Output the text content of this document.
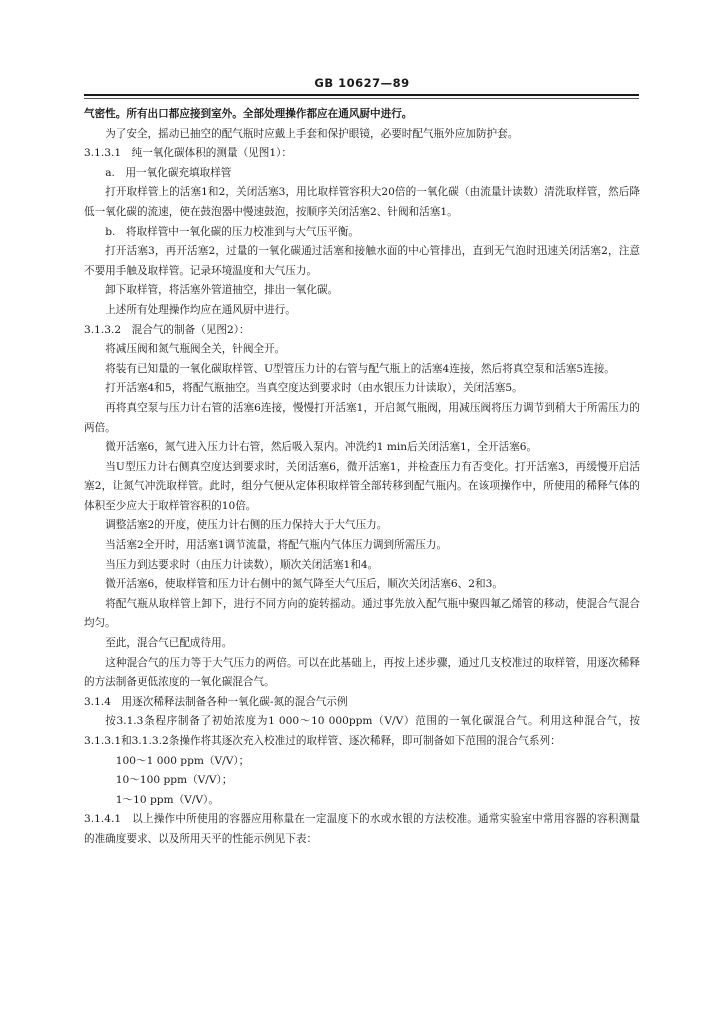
GB 10627—89

气密性。所有出口都应接到室外。全部处理操作都应在通风厨中进行。

为了安全，摇动已抽空的配气瓶时应戴上手套和保护眼镜，必要时配气瓶外应加防护套。

3.1.3.1　纯一氧化碳体积的测量（见图1）：

a.　用一氧化碳充填取样管

打开取样管上的活塞1和2，关闭活塞3，用比取样管容积大20倍的一氧化碳（由流量计读数）清洗取样管，然后降低一氧化碳的流速，使在鼓泡器中慢速鼓泡，按顺序关闭活塞2、针阀和活塞1。

b.　将取样管中一氧化碳的压力校准到与大气压平衡。

打开活塞3，再开活塞2，过量的一氧化碳通过活塞和接触水面的中心管排出，直到无气泡时迅速关闭活塞2，注意不要用手触及取样管。记录环境温度和大气压力。

卸下取样管，将活塞外管道抽空，排出一氧化碳。

上述所有处理操作均应在通风厨中进行。

3.1.3.2　混合气的制备（见图2）：

将减压阀和氮气瓶阀全关，针阀全开。

将装有已知量的一氧化碳取样管、U型管压力计的右管与配气瓶上的活塞4连接，然后将真空泵和活塞5连接。

打开活塞4和5，将配气瓶抽空。当真空度达到要求时（由水银压力计读取），关闭活塞5。

再将真空泵与压力计右管的活塞6连接，慢慢打开活塞1，开启氮气瓶阀，用减压阀将压力调节到稍大于所需压力的两倍。

微开活塞6，氮气进入压力计右管，然后吸入泵内。冲洗约1 min后关闭活塞1，全开活塞6。

当U型压力计右侧真空度达到要求时，关闭活塞6，微开活塞1，并检查压力有否变化。打开活塞3，再缓慢开启活塞2，让氮气冲洗取样管。此时，组分气便从定体积取样管全部转移到配气瓶内。在该项操作中，所使用的稀释气体的体积至少应大于取样管容积的10倍。

调整活塞2的开度，使压力计右侧的压力保持大于大气压力。

当活塞2全开时，用活塞1调节流量，将配气瓶内气体压力调到所需压力。

当压力到达要求时（由压力计读数），顺次关闭活塞1和4。

微开活塞6，使取样管和压力计右侧中的氮气降至大气压后，顺次关闭活塞6、2和3。

将配气瓶从取样管上卸下，进行不同方向的旋转摇动。通过事先放入配气瓶中聚四氟乙烯管的移动，使混合气混合均匀。

至此，混合气已配成待用。

这种混合气的压力等于大气压力的两倍。可以在此基础上，再按上述步骤，通过几支校准过的取样管，用逐次稀释的方法制备更低浓度的一氧化碳混合气。

3.1.4　用逐次稀释法制备各种一氧化碳-氮的混合气示例

按3.1.3条程序制备了初始浓度为1 000～10 000ppm（V/V）范围的一氧化碳混合气。利用这种混合气，按3.1.3.1和3.1.3.2条操作将其逐次充入校准过的取样管、逐次稀释，即可制备如下范围的混合气系列：

100～1 000 ppm（V/V）；

10～100 ppm（V/V）；

1～10 ppm（V/V）。

3.1.4.1　以上操作中所使用的容器应用称量在一定温度下的水或水银的方法校准。通常实验室中常用容器的容积测量的准确度要求、以及所用天平的性能示例见下表：
